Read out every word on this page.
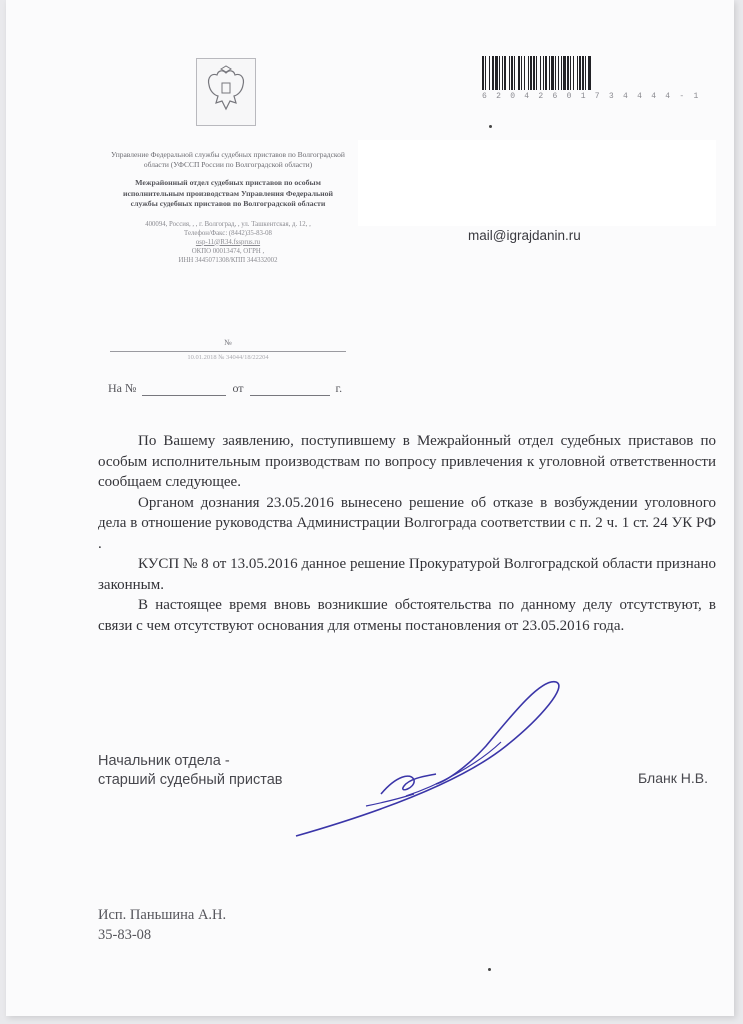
Управление Федеральной службы судебных приставов по Волгоградской области (УФССП России по Волгоградской области)
Межрайонный отдел судебных приставов по особым исполнительным производствам Управления Федеральной службы судебных приставов по Волгоградской области
400094, Россия, , , г. Волгоград, , ул. Ташкентская, д. 12, ,
Телефон/Факс: (8442)35-83-08
osp-11@R34.fssprus.ru
ОКПО 00013474, ОГРН ,
ИНН 3445071308/КПП 344332002
№
10.01.2018 № 34044/18/22204
На №	от	г.
62042601734444-1
mail@igrajdanin.ru

По Вашему заявлению, поступившему в Межрайонный отдел судебных приставов по особым исполнительным производствам по вопросу привлечения к уголовной ответственности сообщаем следующее.

Органом дознания 23.05.2016 вынесено решение об отказе в возбуждении уголовного дела в отношение руководства Администрации Волгограда соответствии с п. 2 ч. 1 ст. 24 УК РФ .

КУСП № 8 от 13.05.2016 данное решение Прокуратурой Волгоградской области признано законным.

В настоящее время вновь возникшие обстоятельства по данному делу отсутствуют, в связи с чем отсутствуют основания для отмены постановления от 23.05.2016 года.

Начальник отдела -
старший судебный пристав	Бланк Н.В.
Исп. Паньшина А.Н.
35-83-08
